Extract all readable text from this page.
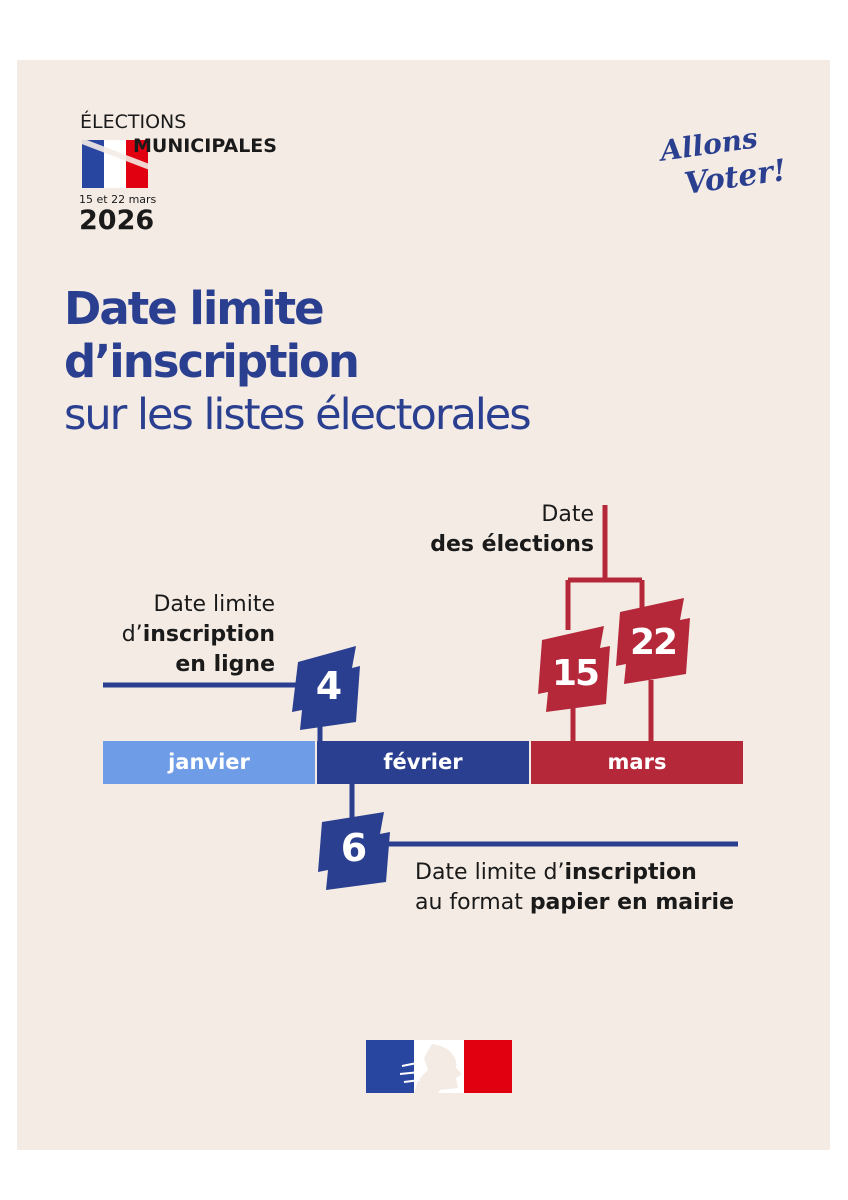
ÉLECTIONS
MUNICIPALES
15 et 22 mars
2026
Allons
Voter!
Date limite
d’inscription
sur les listes électorales
Date limite
d’inscription
en ligne
Date
des élections
Date limite d’inscription
au format papier en mairie
4
6
15
22
janvier	février	mars
